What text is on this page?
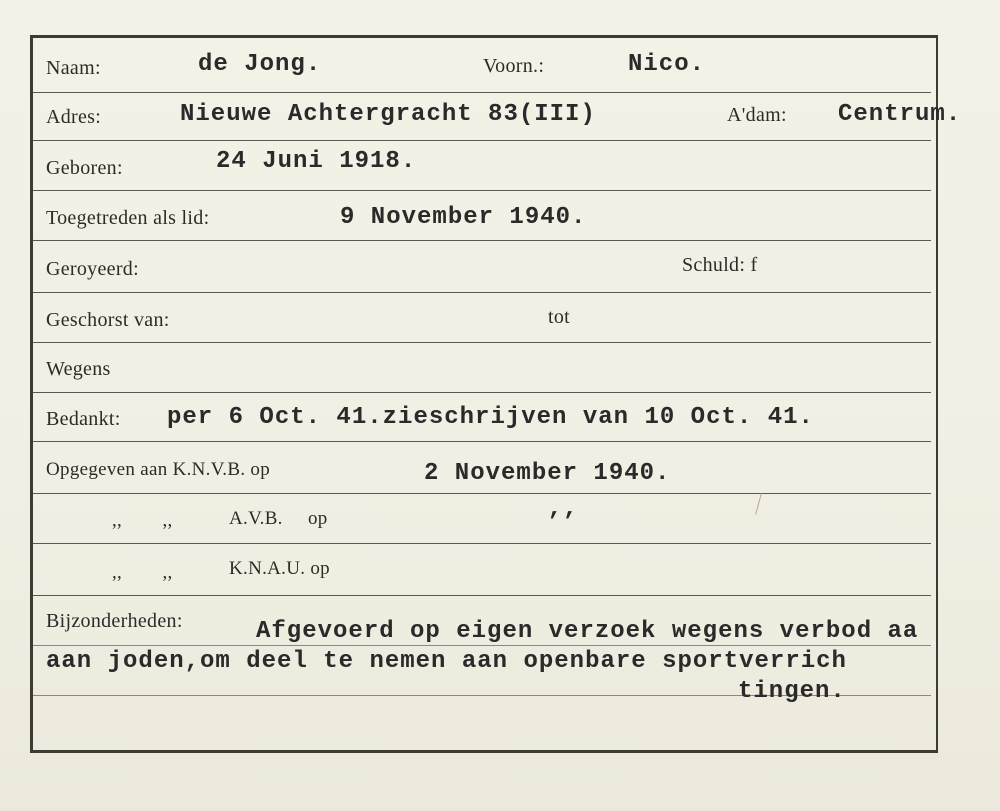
Naam:	de Jong.	Voorn.:	Nico.
Adres:	Nieuwe Achtergracht 83(III)	A'dam: Centrum.
Geboren:	24 Juni 1918.
Toegetreden als lid:	9 November 1940.
Geroyeerd:	Schuld: f
Geschorst van:	tot
Wegens
Bedankt: per 6 Oct. 41.zieschrijven van 10 Oct. 41.
Opgegeven aan K.N.V.B. op	2 November 1940.
,,        ,,	A.V.B.     op	‚‚
,,        ,,	K.N.A.U. op
Bijzonderheden:	Afgevoerd op eigen verzoek wegens verbod aa
aan joden,om deel te nemen aan openbare sportverrich
tingen.
